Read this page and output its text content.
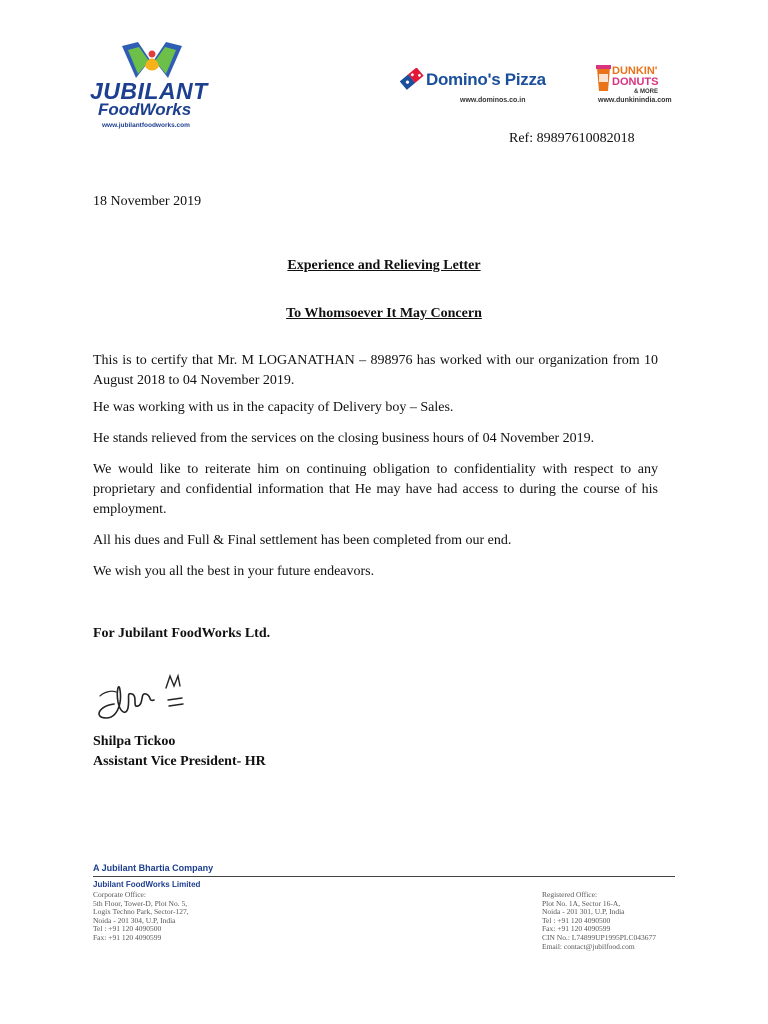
JUBILANT
FoodWorks
www.jubilantfoodworks.com
Domino's Pizza
www.dominos.co.in
DUNKIN'
DONUTS
& MORE
www.dunkinindia.com
Ref: 89897610082018
18 November 2019
Experience and Relieving Letter
To Whomsoever It May Concern
This is to certify that Mr. M LOGANATHAN – 898976 has worked with our organization from 10 August 2018 to 04 November 2019.
He was working with us in the capacity of Delivery boy – Sales.
He stands relieved from the services on the closing business hours of 04 November 2019.
We would like to reiterate him on continuing obligation to confidentiality with respect to any proprietary and confidential information that He may have had access to during the course of his employment.
All his dues and Full & Final settlement has been completed from our end.
We wish you all the best in your future endeavors.
For Jubilant FoodWorks Ltd.
Shilpa Tickoo
Assistant Vice President- HR
A Jubilant Bhartia Company
Jubilant FoodWorks Limited
Corporate Office:
5th Floor, Tower-D, Plot No. 5,
Logix Techno Park, Sector-127,
Noida - 201 304, U.P, India
Tel : +91 120 4090500
Fax: +91 120 4090599
Registered Office:
Plot No. 1A, Sector 16-A,
Noida - 201 301, U.P, India
Tel : +91 120 4090500
Fax: +91 120 4090599
CIN No.: L74899UP1995PLC043677
Email: contact@jubilfood.com
